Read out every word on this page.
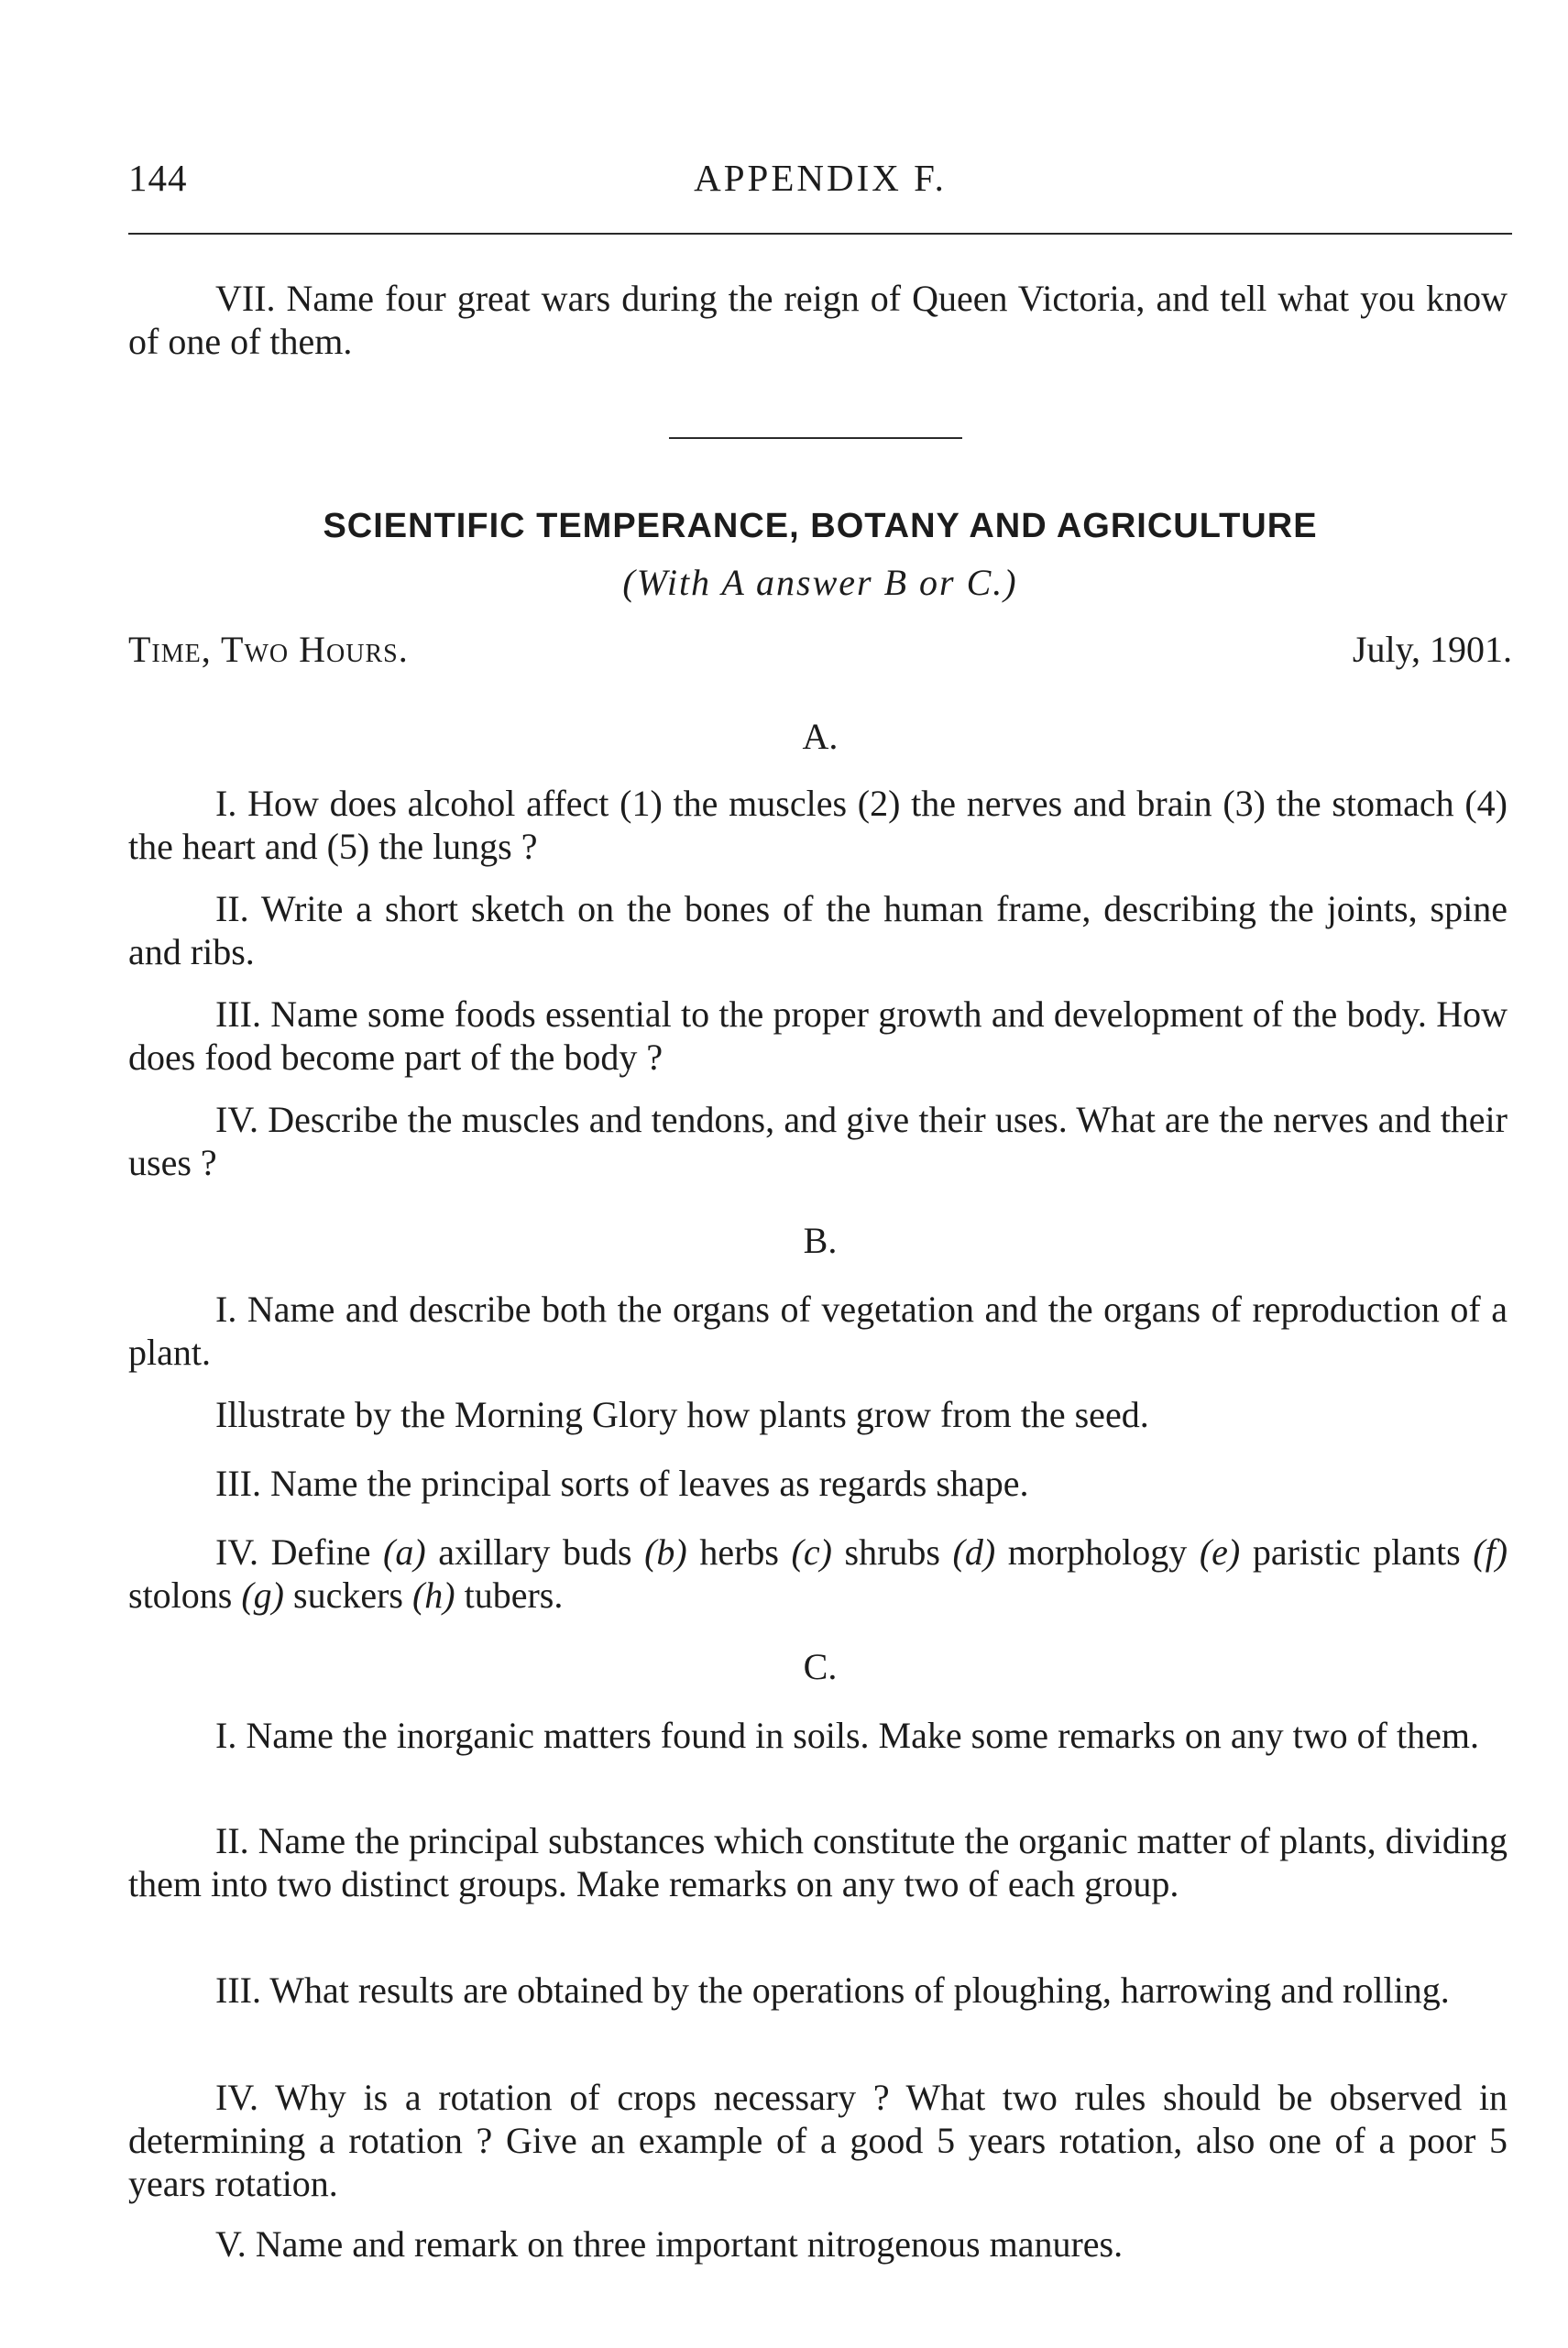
144	APPENDIX F.

VII. Name four great wars during the reign of Queen Victoria, and tell what you know of one of them.

SCIENTIFIC TEMPERANCE, BOTANY AND AGRICULTURE
(With A answer B or C.)
Time, Two Hours.	July, 1901.
A.

I. How does alcohol affect (1) the muscles (2) the nerves and brain (3) the stomach (4) the heart and (5) the lungs ?

II. Write a short sketch on the bones of the human frame, describing the joints, spine and ribs.

III. Name some foods essential to the proper growth and development of the body. How does food become part of the body ?

IV. Describe the muscles and tendons, and give their uses. What are the nerves and their uses ?

B.

I. Name and describe both the organs of vegetation and the organs of reproduction of a plant.

Illustrate by the Morning Glory how plants grow from the seed.

III. Name the principal sorts of leaves as regards shape.

IV. Define (a) axillary buds (b) herbs (c) shrubs (d) morphology (e) paristic plants (f) stolons (g) suckers (h) tubers.

C.

I. Name the inorganic matters found in soils. Make some remarks on any two of them.

II. Name the principal substances which constitute the organic matter of plants, dividing them into two distinct groups. Make remarks on any two of each group.

III. What results are obtained by the operations of ploughing, harrowing and rolling.

IV. Why is a rotation of crops necessary ? What two rules should be observed in determining a rotation ? Give an example of a good 5 years rotation, also one of a poor 5 years rotation.

V. Name and remark on three important nitrogenous manures.
